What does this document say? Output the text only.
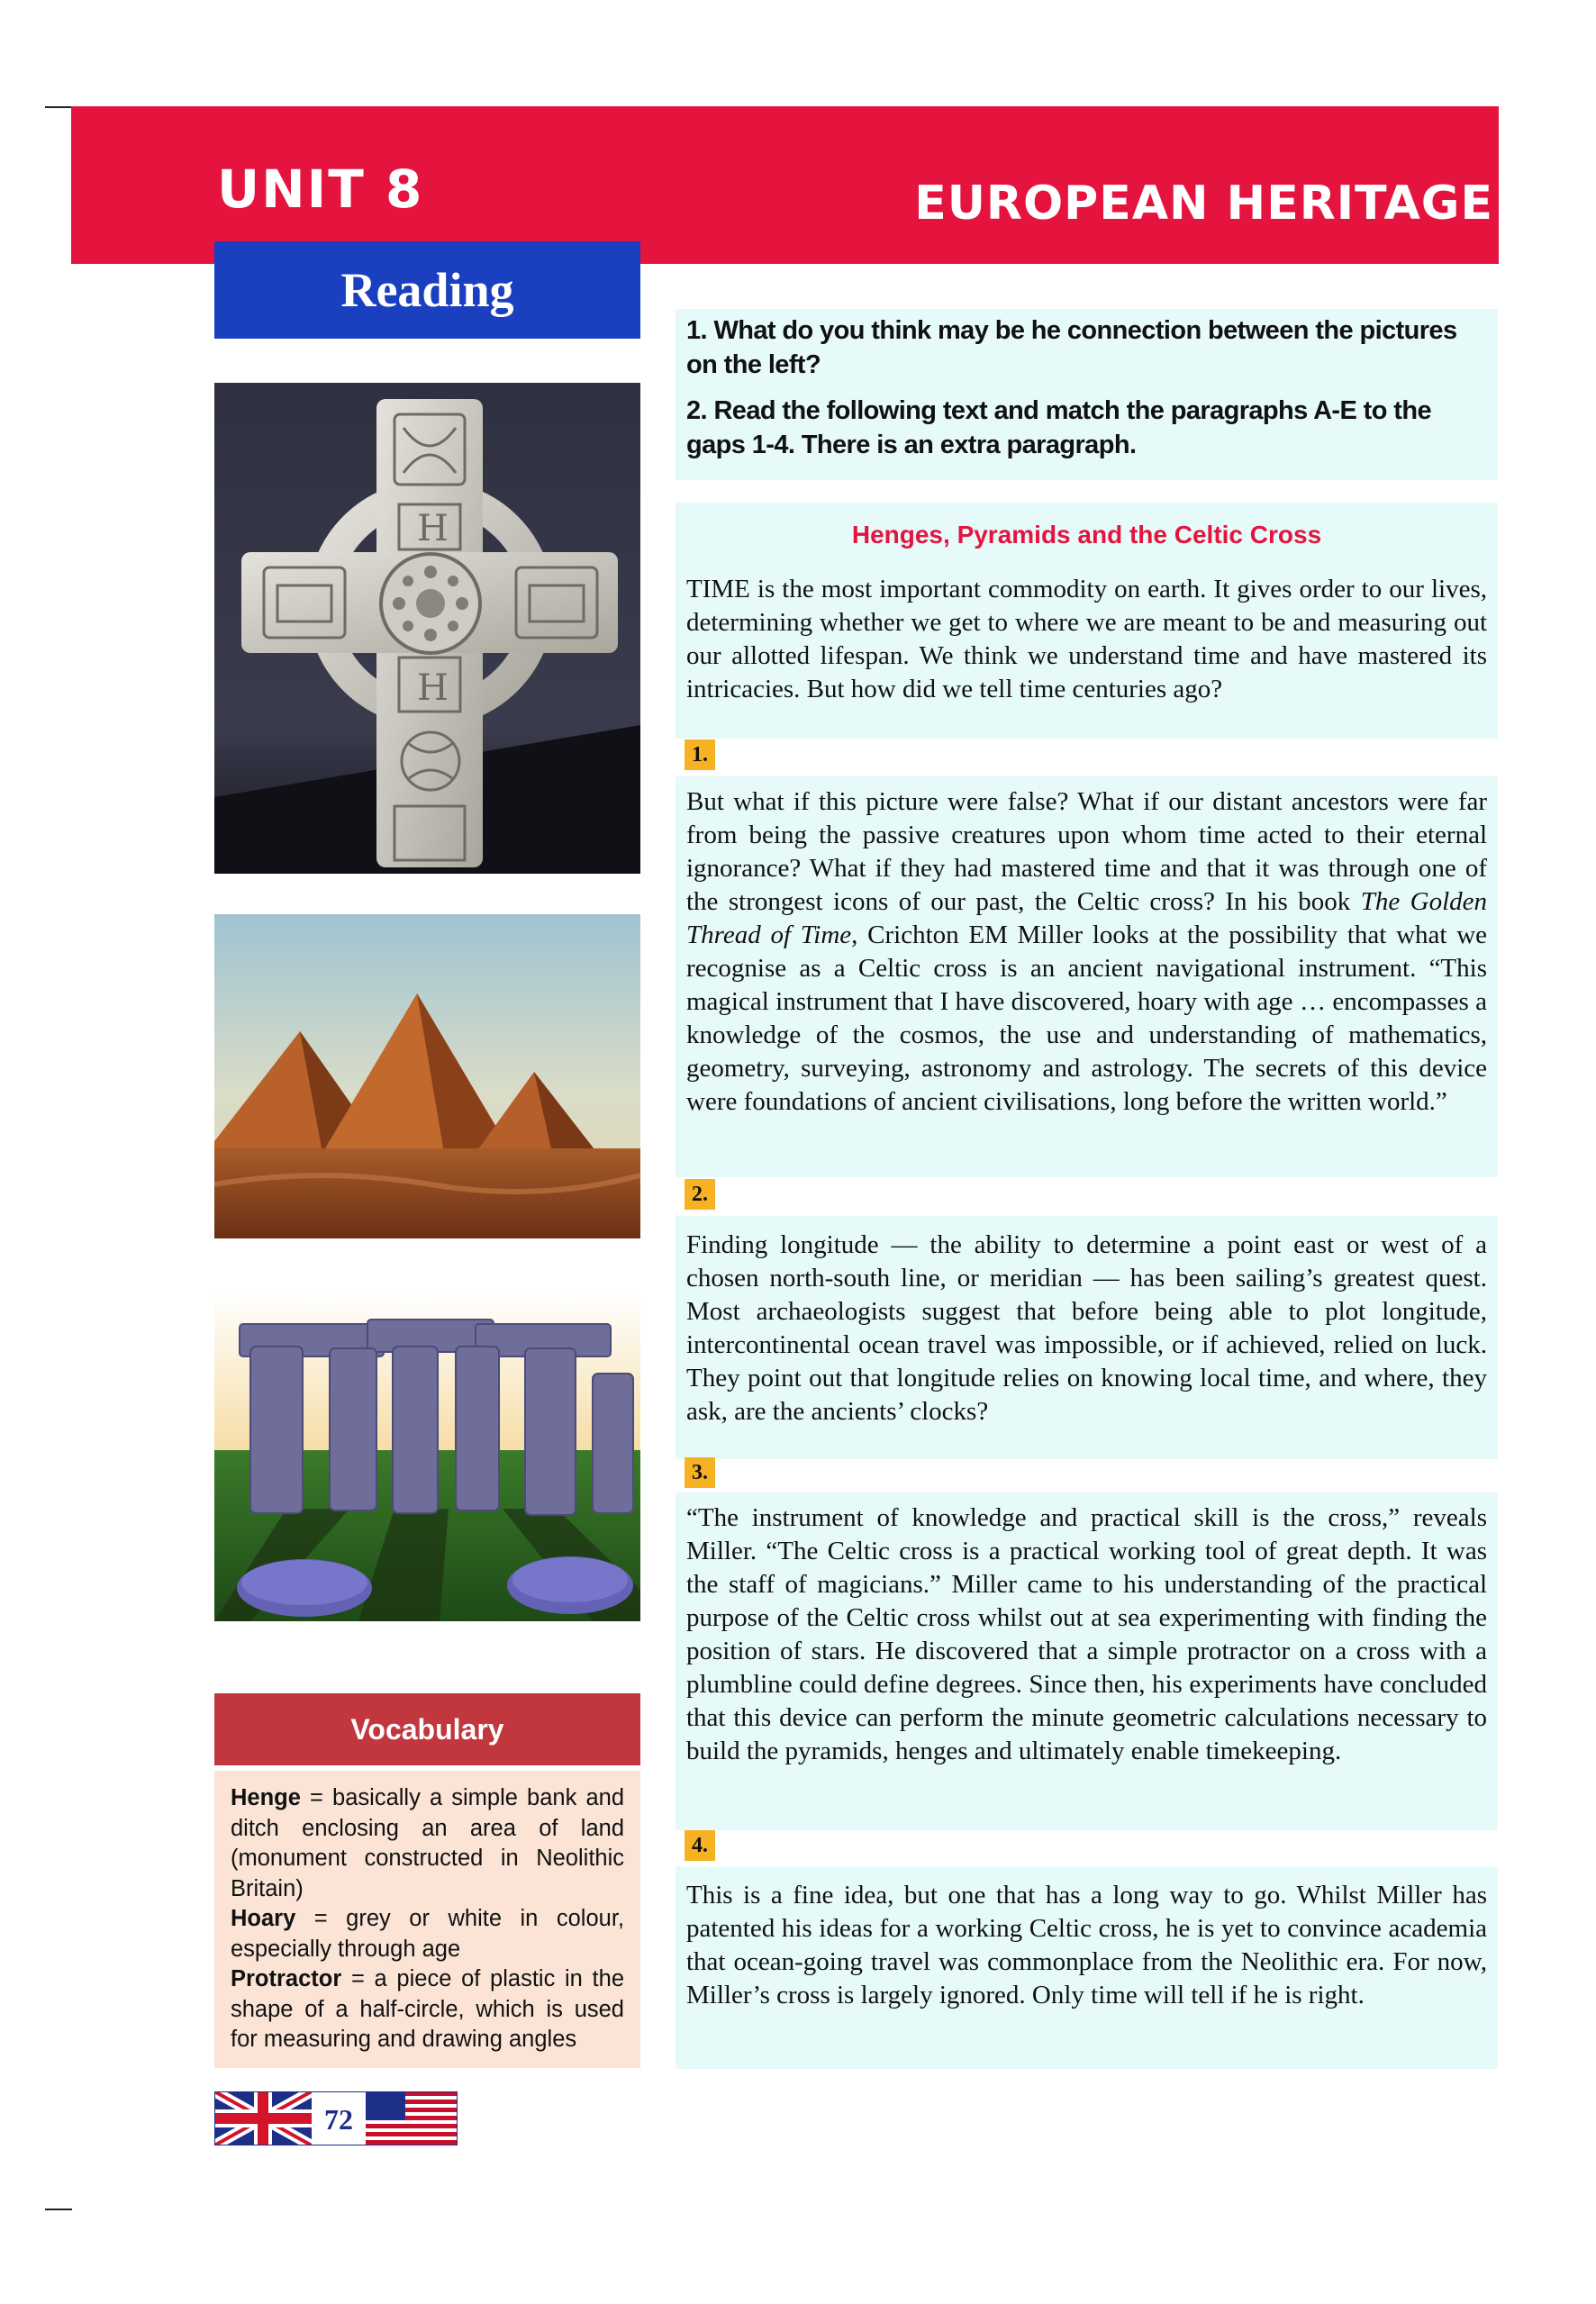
UNIT 8	EUROPEAN HERITAGE
Reading
H
H
Vocabulary

Henge = basically a simple bank and ditch enclosing an area of land (monument constructed in Neolithic Britain)

Hoary = grey or white in colour, especially through age

Protractor = a piece of plastic in the shape of a half-circle, which is used for measuring and drawing angles

72

1. What do you think may be he connection between the pictures on the left?

2. Read the following text and match the paragraphs A-E to the gaps 1-4. There is an extra paragraph.

Henges, Pyramids and the Celtic Cross

TIME is the most important commodity on earth. It gives order to our lives, determining whether we get to where we are meant to be and measuring out our allotted lifespan. We think we understand time and have mastered its intricacies. But how did we tell time centuries ago?

1.

But what if this picture were false? What if our distant ancestors were far from being the passive creatures upon whom time acted to their eternal ignorance? What if they had mastered time and that it was through one of the strongest icons of our past, the Celtic cross? In his book The Golden Thread of Time, Crichton EM Miller looks at the possibility that what we recognise as a Celtic cross is an ancient navigational instrument. “This magical instrument that I have discovered, hoary with age … encompasses a knowledge of the cosmos, the use and understanding of mathematics, geometry, surveying, astronomy and astrology. The secrets of this device were foundations of ancient civilisations, long before the written world.”

2.

Finding longitude — the ability to determine a point east or west of a chosen north-south line, or meridian — has been sailing’s greatest quest. Most archaeologists suggest that before being able to plot longitude, intercontinental ocean travel was impossible, or if achieved, relied on luck. They point out that longitude relies on knowing local time, and where, they ask, are the ancients’ clocks?

3.

“The instrument of knowledge and practical skill is the cross,” reveals Miller. “The Celtic cross is a practical working tool of great depth. It was the staff of magicians.” Miller came to his understanding of the practical purpose of the Celtic cross whilst out at sea experimenting with finding the position of stars. He discovered that a simple protractor on a cross with a plumbline could define degrees. Since then, his experiments have concluded that this device can perform the minute geometric calculations necessary to build the pyramids, henges and ultimately enable timekeeping.

4.

This is a fine idea, but one that has a long way to go. Whilst Miller has patented his ideas for a working Celtic cross, he is yet to convince academia that ocean-going travel was commonplace from the Neolithic era. For now, Miller’s cross is largely ignored. Only time will tell if he is right.
